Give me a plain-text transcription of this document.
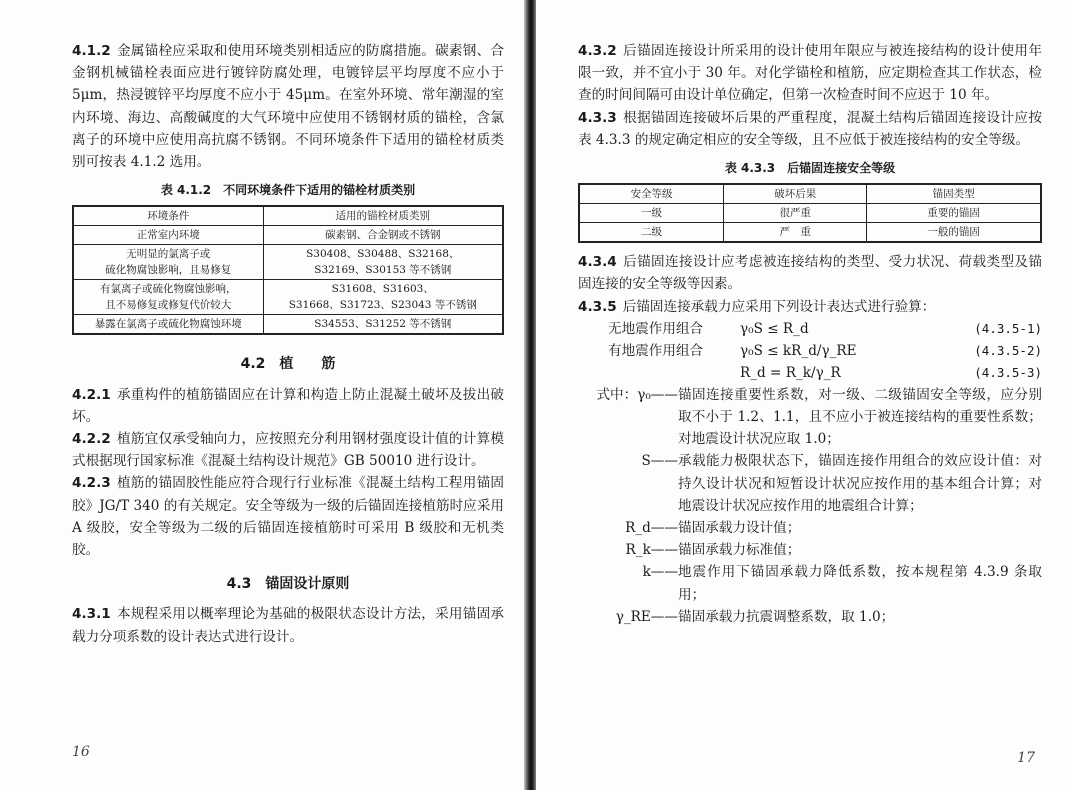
4.1.2 金属锚栓应采取和使用环境类别相适应的防腐措施。碳素钢、合金钢机械锚栓表面应进行镀锌防腐处理，电镀锌层平均厚度不应小于 5μm，热浸镀锌平均厚度不应小于 45μm。在室外环境、常年潮湿的室内环境、海边、高酸碱度的大气环境中应使用不锈钢材质的锚栓，含氯离子的环境中应使用高抗腐不锈钢。不同环境条件下适用的锚栓材质类别可按表 4.1.2 选用。

表 4.1.2　不同环境条件下适用的锚栓材质类别
环境条件	适用的锚栓材质类别
正常室内环境	碳素钢、合金钢或不锈钢
无明显的氯离子或
硫化物腐蚀影响，且易修复	S30408、S30488、S32168、
S32169、S30153 等不锈钢
有氯离子或硫化物腐蚀影响，
且不易修复或修复代价较大	S31608、S31603、
S31668、S31723、S23043 等不锈钢
暴露在氯离子或硫化物腐蚀环境	S34553、S31252 等不锈钢
4.2　植　　筋

4.2.1 承重构件的植筋锚固应在计算和构造上防止混凝土破坏及拔出破坏。

4.2.2 植筋宜仅承受轴向力，应按照充分利用钢材强度设计值的计算模式根据现行国家标准《混凝土结构设计规范》GB 50010 进行设计。

4.2.3 植筋的锚固胶性能应符合现行行业标准《混凝土结构工程用锚固胶》JG/T 340 的有关规定。安全等级为一级的后锚固连接植筋时应采用 A 级胶，安全等级为二级的后锚固连接植筋时可采用 B 级胶和无机类胶。

4.3　锚固设计原则

4.3.1 本规程采用以概率理论为基础的极限状态设计方法，采用锚固承载力分项系数的设计表达式进行设计。

16

4.3.2 后锚固连接设计所采用的设计使用年限应与被连接结构的设计使用年限一致，并不宜小于 30 年。对化学锚栓和植筋，应定期检查其工作状态，检查的时间间隔可由设计单位确定，但第一次检查时间不应迟于 10 年。

4.3.3 根据锚固连接破坏后果的严重程度，混凝土结构后锚固连接设计应按表 4.3.3 的规定确定相应的安全等级，且不应低于被连接结构的安全等级。

表 4.3.3　后锚固连接安全等级
安全等级	破坏后果	锚固类型
一级	很严重	重要的锚固
二级	严　重	一般的锚固

4.3.4 后锚固连接设计应考虑被连接结构的类型、受力状况、荷载类型及锚固连接的安全等级等因素。

4.3.5 后锚固连接承载力应采用下列设计表达式进行验算：

无地震作用组合	γ₀S ≤ R_d	(4.3.5-1)
有地震作用组合	γ₀S ≤ kR_d/γ_RE	(4.3.5-2)
R_d = R_k/γ_R	(4.3.5-3)
式中：γ₀—— 锚固连接重要性系数，对一级、二级锚固安全等级，应分别取不小于 1.2、1.1，且不应小于被连接结构的重要性系数；对地震设计状况应取 1.0；
S—— 承载能力极限状态下，锚固连接作用组合的效应设计值：对持久设计状况和短暂设计状况应按作用的基本组合计算；对地震设计状况应按作用的地震组合计算；
R_d—— 锚固承载力设计值；
R_k—— 锚固承载力标准值；
k—— 地震作用下锚固承载力降低系数，按本规程第 4.3.9 条取用；
γ_RE—— 锚固承载力抗震调整系数，取 1.0；
17
